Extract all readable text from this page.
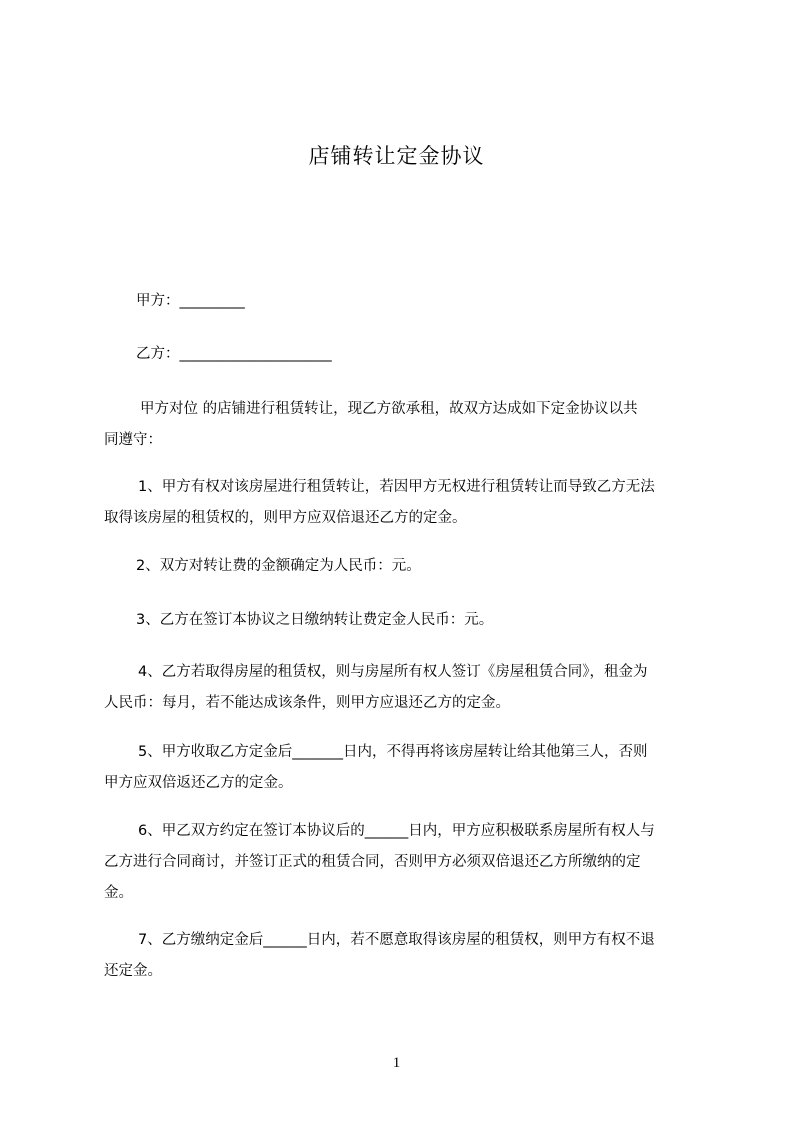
店铺转让定金协议
甲方：_________
乙方：_____________________
甲方对位 的店铺进行租赁转让，现乙方欲承租，故双方达成如下定金协议以共
同遵守：
1、甲方有权对该房屋进行租赁转让，若因甲方无权进行租赁转让而导致乙方无法
取得该房屋的租赁权的，则甲方应双倍退还乙方的定金。
2、双方对转让费的金额确定为人民币：元。
3、乙方在签订本协议之日缴纳转让费定金人民币：元。
4、乙方若取得房屋的租赁权，则与房屋所有权人签订《房屋租赁合同》，租金为
人民币：每月，若不能达成该条件，则甲方应退还乙方的定金。
5、甲方收取乙方定金后_______日内，不得再将该房屋转让给其他第三人，否则
甲方应双倍返还乙方的定金。
6、甲乙双方约定在签订本协议后的______日内，甲方应积极联系房屋所有权人与
乙方进行合同商讨，并签订正式的租赁合同，否则甲方必须双倍退还乙方所缴纳的定
金。
7、乙方缴纳定金后______日内，若不愿意取得该房屋的租赁权，则甲方有权不退
还定金。
1
